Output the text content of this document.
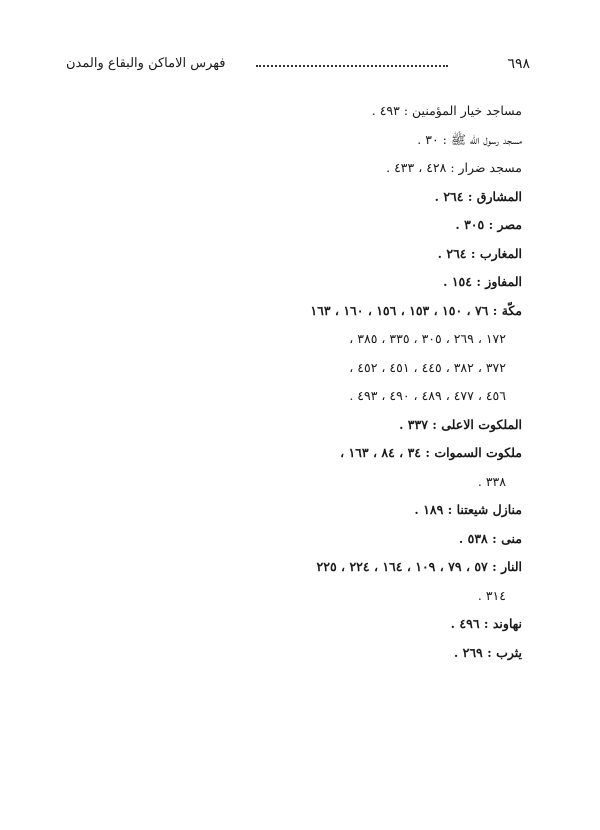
فهرس الاماكن والبقاع والمدن	٦٩٨
مساجد خيار المؤمنين : ٤٩٣ .
مسجد رسول الله ﷺ : ٣٠ .
مسجد ضرار : ٤٢٨ ، ٤٣٣ .
المشارق : ٢٦٤ .
مصر : ٣٠٥ .
المغارب : ٢٦٤ .
المفاوز : ١٥٤ .
مكّة : ٧٦ ، ١٥٠ ، ١٥٣ ، ١٥٦ ، ١٦٠ ، ١٦٣
١٧٢ ، ٢٦٩ ، ٣٠٥ ، ٣٣٥ ، ٣٨٥ ،
٣٧٢ ، ٣٨٢ ، ٤٤٥ ، ٤٥١ ، ٤٥٢ ،
٤٥٦ ، ٤٧٧ ، ٤٨٩ ، ٤٩٠ ، ٤٩٣ .
الملكوت الاعلى : ٣٣٧ .
ملكوت السموات : ٣٤ ، ٨٤ ، ١٦٣ ،
٣٣٨ .
منازل شيعتنا : ١٨٩ .
منى : ٥٣٨ .
النار : ٥٧ ، ٧٩ ، ١٠٩ ، ١٦٤ ، ٢٢٤ ، ٢٢٥
٣١٤ .
نهاوند : ٤٩٦ .
يثرب : ٢٦٩ .
